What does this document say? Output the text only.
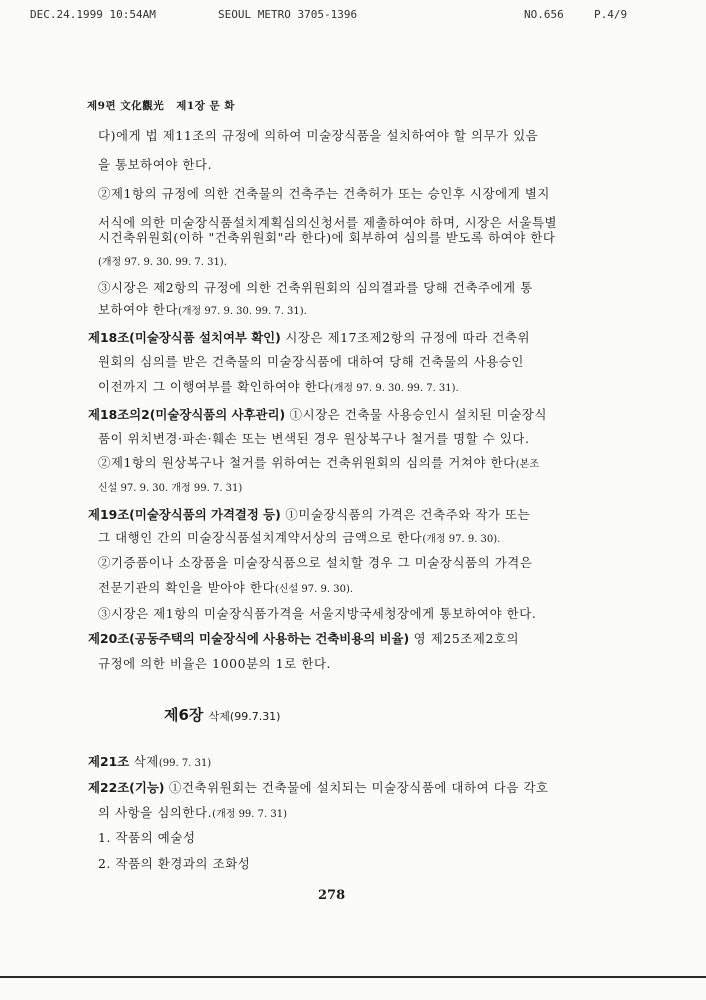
DEC.24.1999 10:54AM	SEOUL METRO 3705-1396	NO.656	P.4/9
제9편 文化觀光 제1장 문 화
다)에게 법 제11조의 규정에 의하여 미술장식품을 설치하여야 할 의무가 있음
을 통보하여야 한다.
②제1항의 규정에 의한 건축물의 건축주는 건축허가 또는 승인후 시장에게 별지
서식에 의한 미술장식품설치계획심의신청서를 제출하여야 하며, 시장은 서울특별
시건축위원회(이하 "건축위원회"라 한다)에 회부하여 심의를 받도록 하여야 한다
(개정 97. 9. 30. 99. 7. 31).
③시장은 제2항의 규정에 의한 건축위원회의 심의결과를 당해 건축주에게 통
보하여야 한다(개정 97. 9. 30. 99. 7. 31).
제18조(미술장식품 설치여부 확인) 시장은 제17조제2항의 규정에 따라 건축위
원회의 심의를 받은 건축물의 미술장식품에 대하여 당해 건축물의 사용승인
이전까지 그 이행여부를 확인하여야 한다(개정 97. 9. 30. 99. 7. 31).
제18조의2(미술장식품의 사후관리) ①시장은 건축물 사용승인시 설치된 미술장식
품이 위치변경·파손·훼손 또는 변색된 경우 원상복구나 철거를 명할 수 있다.
②제1항의 원상복구나 철거를 위하여는 건축위원회의 심의를 거쳐야 한다(본조
신설 97. 9. 30. 개정 99. 7. 31)
제19조(미술장식품의 가격결정 등) ①미술장식품의 가격은 건축주와 작가 또는
그 대행인 간의 미술장식품설치계약서상의 금액으로 한다(개정 97. 9. 30).
②기증품이나 소장품을 미술장식품으로 설치할 경우 그 미술장식품의 가격은
전문기관의 확인을 받아야 한다(신설 97. 9. 30).
③시장은 제1항의 미술장식품가격을 서울지방국세청장에게 통보하여야 한다.
제20조(공동주택의 미술장식에 사용하는 건축비용의 비율) 영 제25조제2호의
규정에 의한 비율은 1000분의 1로 한다.
제6장 삭제(99.7.31)
제21조 삭제(99. 7. 31)
제22조(기능) ①건축위원회는 건축물에 설치되는 미술장식품에 대하여 다음 각호
의 사항을 심의한다.(개정 99. 7. 31)
1. 작품의 예술성
2. 작품의 환경과의 조화성
278
